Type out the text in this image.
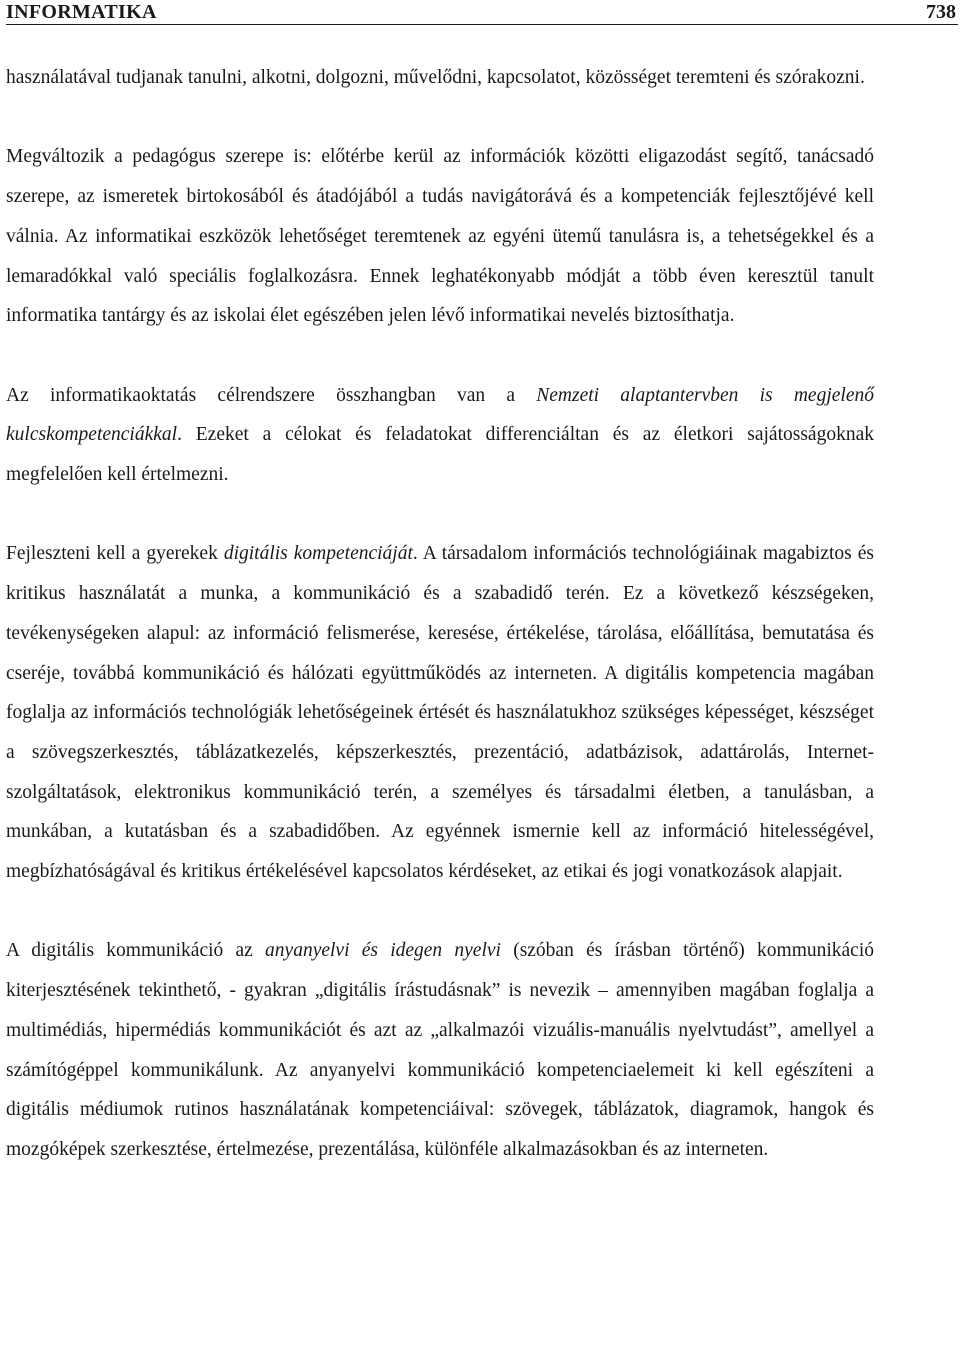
INFORMATIKA	738

használatával tudjanak tanulni, alkotni, dolgozni, művelődni, kapcsolatot, közösséget teremteni és szórakozni.

Megváltozik a pedagógus szerepe is: előtérbe kerül az információk közötti eligazodást segítő, tanácsadó szerepe, az ismeretek birtokosából és átadójából a tudás navigátorává és a kompetenciák fejlesztőjévé kell válnia. Az informatikai eszközök lehetőséget teremtenek az egyéni ütemű tanulásra is, a tehetségekkel és a lemaradókkal való speciális foglalkozásra. Ennek leghatékonyabb módját a több éven keresztül tanult informatika tantárgy és az iskolai élet egészében jelen lévő informatikai nevelés biztosíthatja.

Az informatikaoktatás célrendszere összhangban van a Nemzeti alaptantervben is megjelenő kulcskompetenciákkal. Ezeket a célokat és feladatokat differenciáltan és az életkori sajátosságoknak megfelelően kell értelmezni.

Fejleszteni kell a gyerekek digitális kompetenciáját. A társadalom információs technológiáinak magabiztos és kritikus használatát a munka, a kommunikáció és a szabadidő terén. Ez a következő készségeken, tevékenységeken alapul: az információ felismerése, keresése, értékelése, tárolása, előállítása, bemutatása és cseréje, továbbá kommunikáció és hálózati együttműködés az interneten. A digitális kompetencia magában foglalja az információs technológiák lehetőségeinek értését és használatukhoz szükséges képességet, készséget a szövegszerkesztés, táblázatkezelés, képszerkesztés, prezentáció, adatbázisok, adattárolás, Internet-szolgáltatások, elektronikus kommunikáció terén, a személyes és társadalmi életben, a tanulásban, a munkában, a kutatásban és a szabadidőben. Az egyénnek ismernie kell az információ hitelességével, megbízhatóságával és kritikus értékelésével kapcsolatos kérdéseket, az etikai és jogi vonatkozások alapjait.

A digitális kommunikáció az anyanyelvi és idegen nyelvi (szóban és írásban történő) kommunikáció kiterjesztésének tekinthető, - gyakran „digitális írástudásnak” is nevezik – amennyiben magában foglalja a multimédiás, hipermédiás kommunikációt és azt az „alkalmazói vizuális-manuális nyelvtudást”, amellyel a számítógéppel kommunikálunk. Az anyanyelvi kommunikáció kompetenciaelemeit ki kell egészíteni a digitális médiumok rutinos használatának kompetenciáival: szövegek, táblázatok, diagramok, hangok és mozgóképek szerkesztése, értelmezése, prezentálása, különféle alkalmazásokban és az interneten.
